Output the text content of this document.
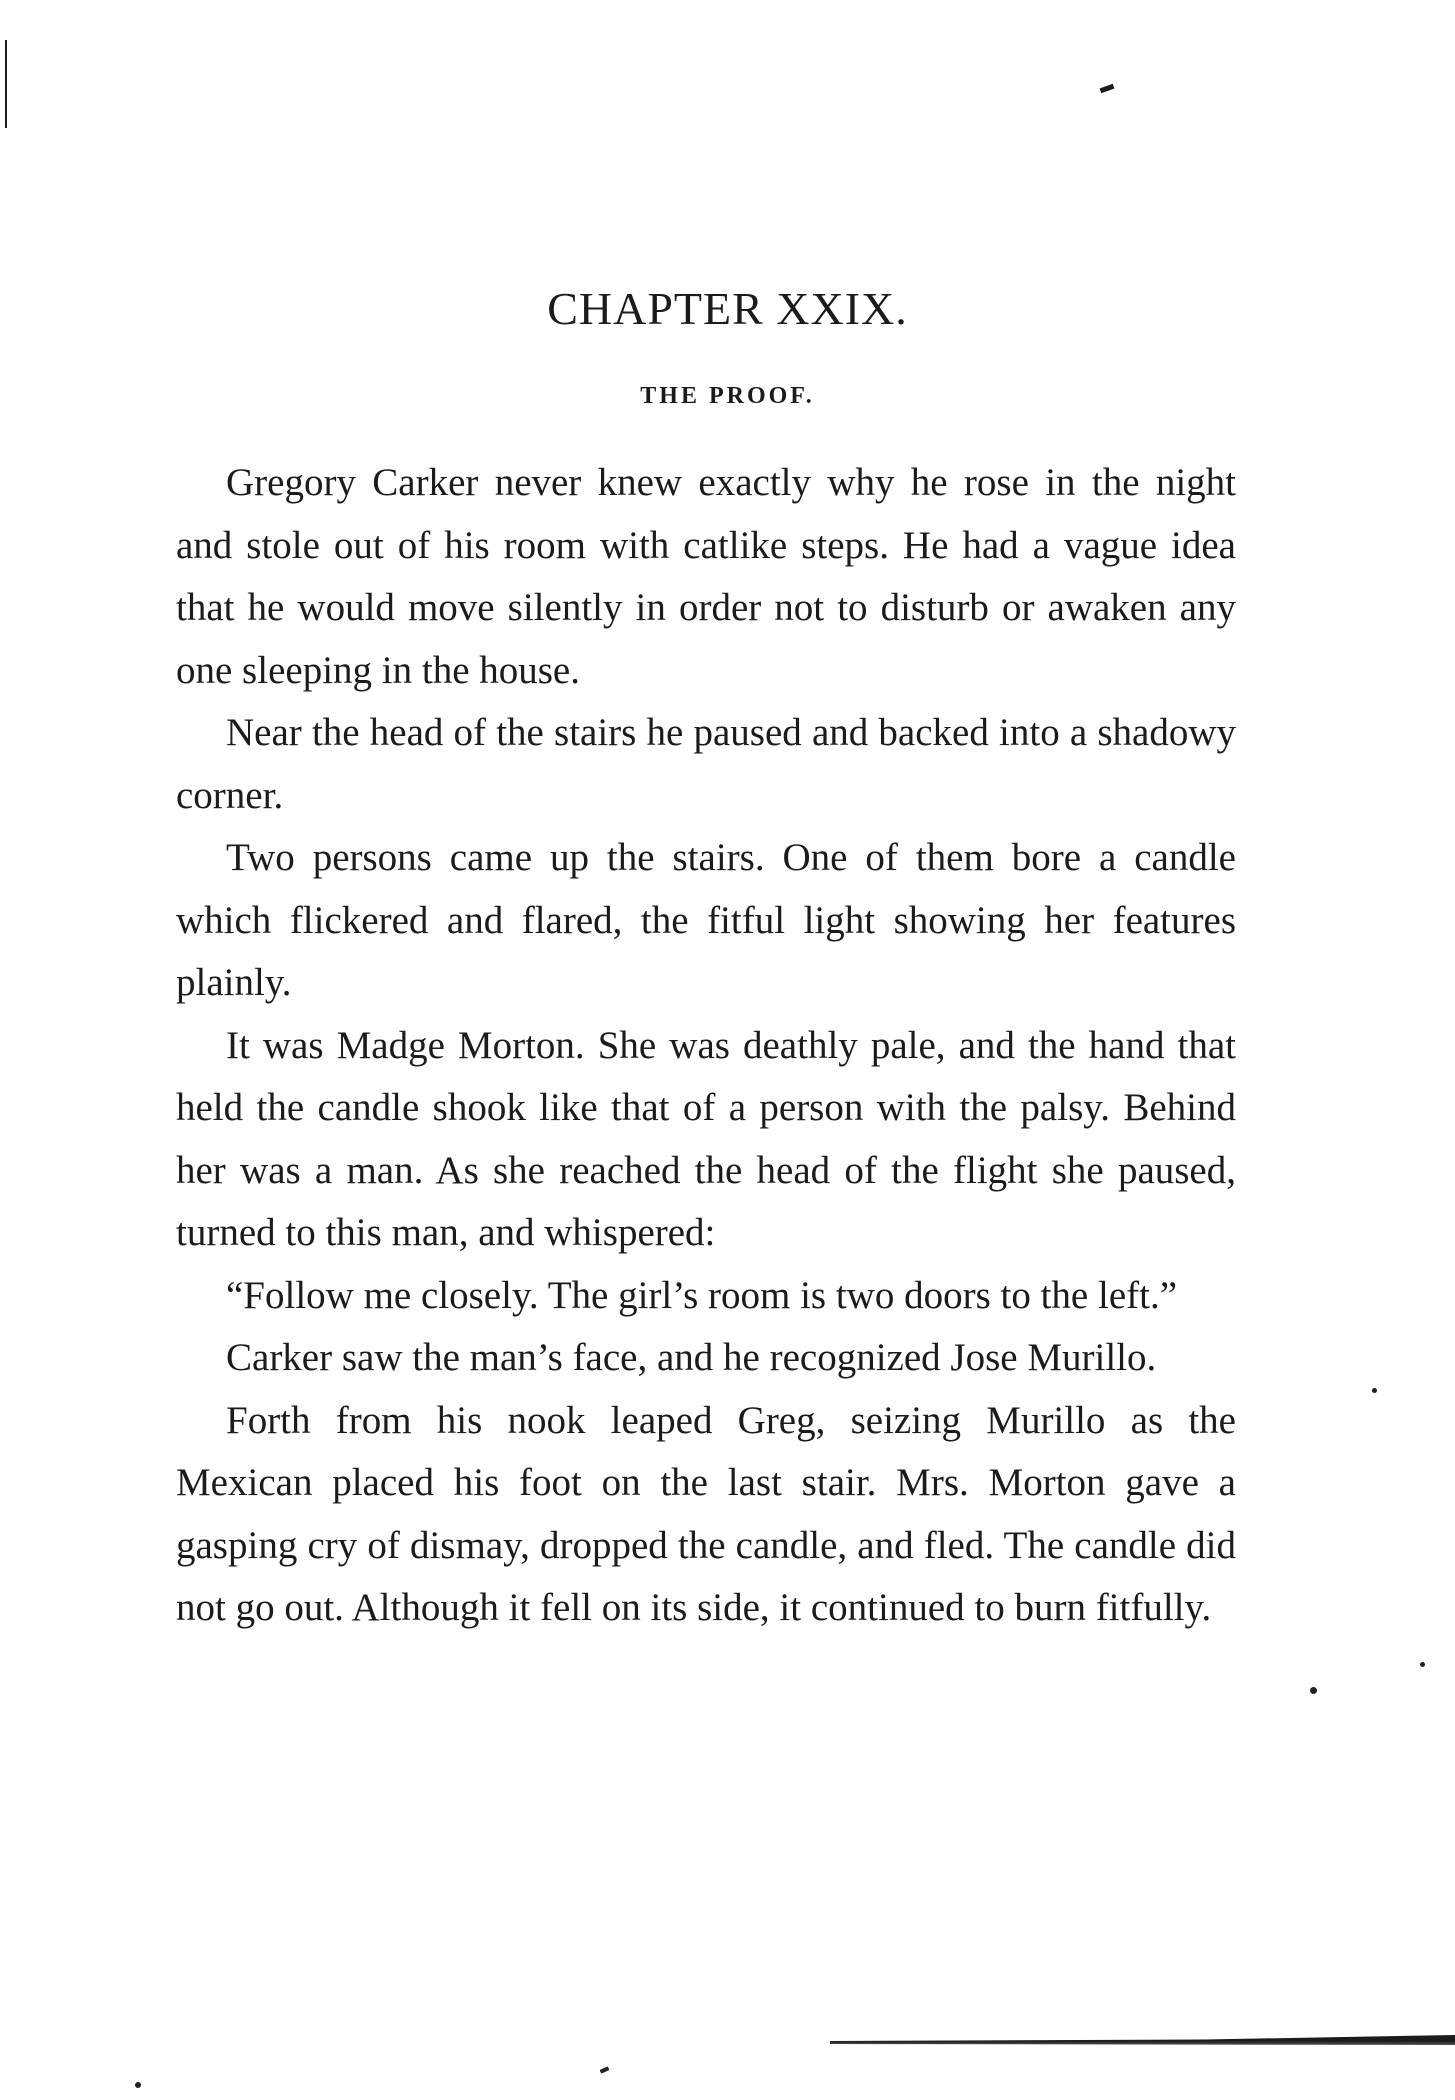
CHAPTER XXIX.
THE PROOF.

Gregory Carker never knew exactly why he rose in the night and stole out of his room with catlike steps. He had a vague idea that he would move silently in order not to disturb or awaken any one sleeping in the house.

Near the head of the stairs he paused and backed into a shadowy corner.

Two persons came up the stairs. One of them bore a candle which flickered and flared, the fitful light showing her features plainly.

It was Madge Morton. She was deathly pale, and the hand that held the candle shook like that of a person with the palsy. Behind her was a man. As she reached the head of the flight she paused, turned to this man, and whispered:

“Follow me closely. The girl’s room is two doors to the left.”

Carker saw the man’s face, and he recognized Jose Murillo.

Forth from his nook leaped Greg, seizing Murillo as the Mexican placed his foot on the last stair. Mrs. Morton gave a gasping cry of dismay, dropped the candle, and fled. The candle did not go out. Although it fell on its side, it continued to burn fitfully.
